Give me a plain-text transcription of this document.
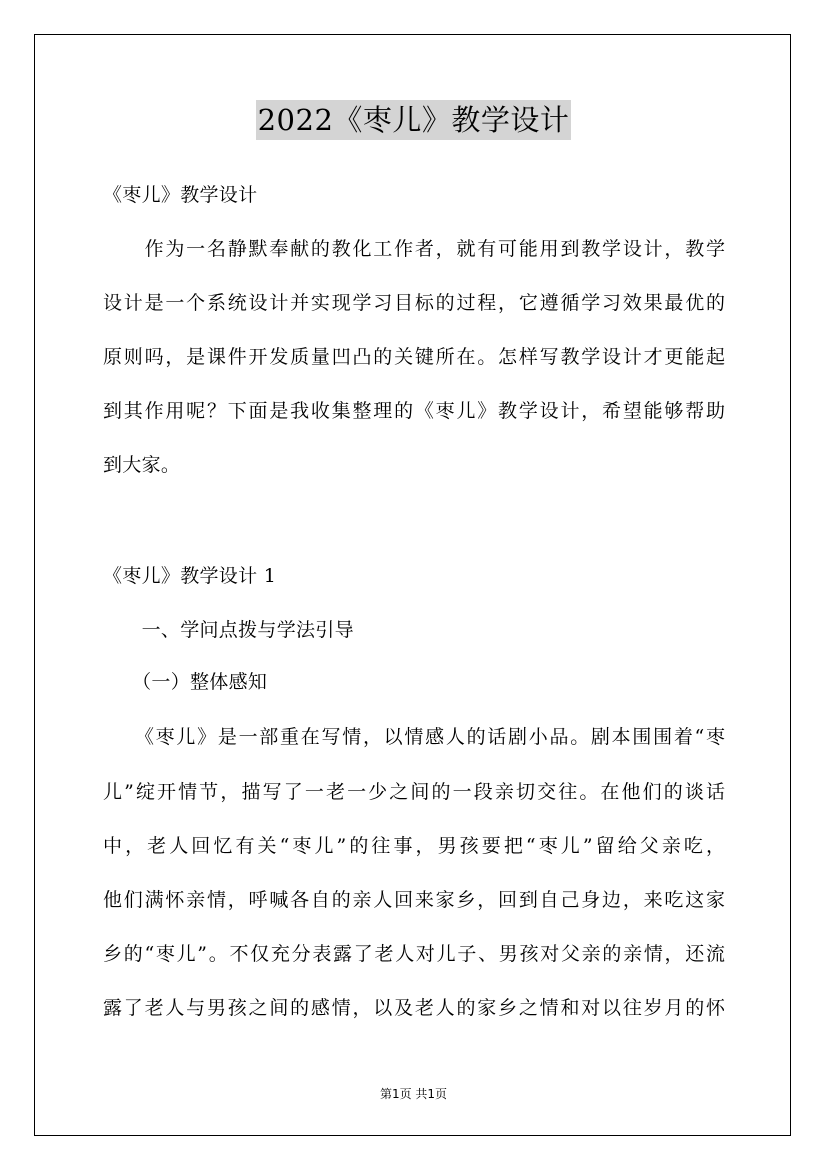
2022《枣儿》教学设计
《枣儿》教学设计
　　作为一名静默奉献的教化工作者，就有可能用到教学设计，教学
设计是一个系统设计并实现学习目标的过程，它遵循学习效果最优的
原则吗，是课件开发质量凹凸的关键所在。怎样写教学设计才更能起
到其作用呢？下面是我收集整理的《枣儿》教学设计，希望能够帮助
到大家。
《枣儿》教学设计 1
　　一、学问点拨与学法引导
　　（一）整体感知
　　《枣儿》是一部重在写情，以情感人的话剧小品。剧本围围着“枣
儿”绽开情节，描写了一老一少之间的一段亲切交往。在他们的谈话
中，老人回忆有关“枣儿”的往事，男孩要把“枣儿”留给父亲吃，
他们满怀亲情，呼喊各自的亲人回来家乡，回到自己身边，来吃这家
乡的“枣儿”。不仅充分表露了老人对儿子、男孩对父亲的亲情，还流
露了老人与男孩之间的感情，以及老人的家乡之情和对以往岁月的怀
第1页 共1页
